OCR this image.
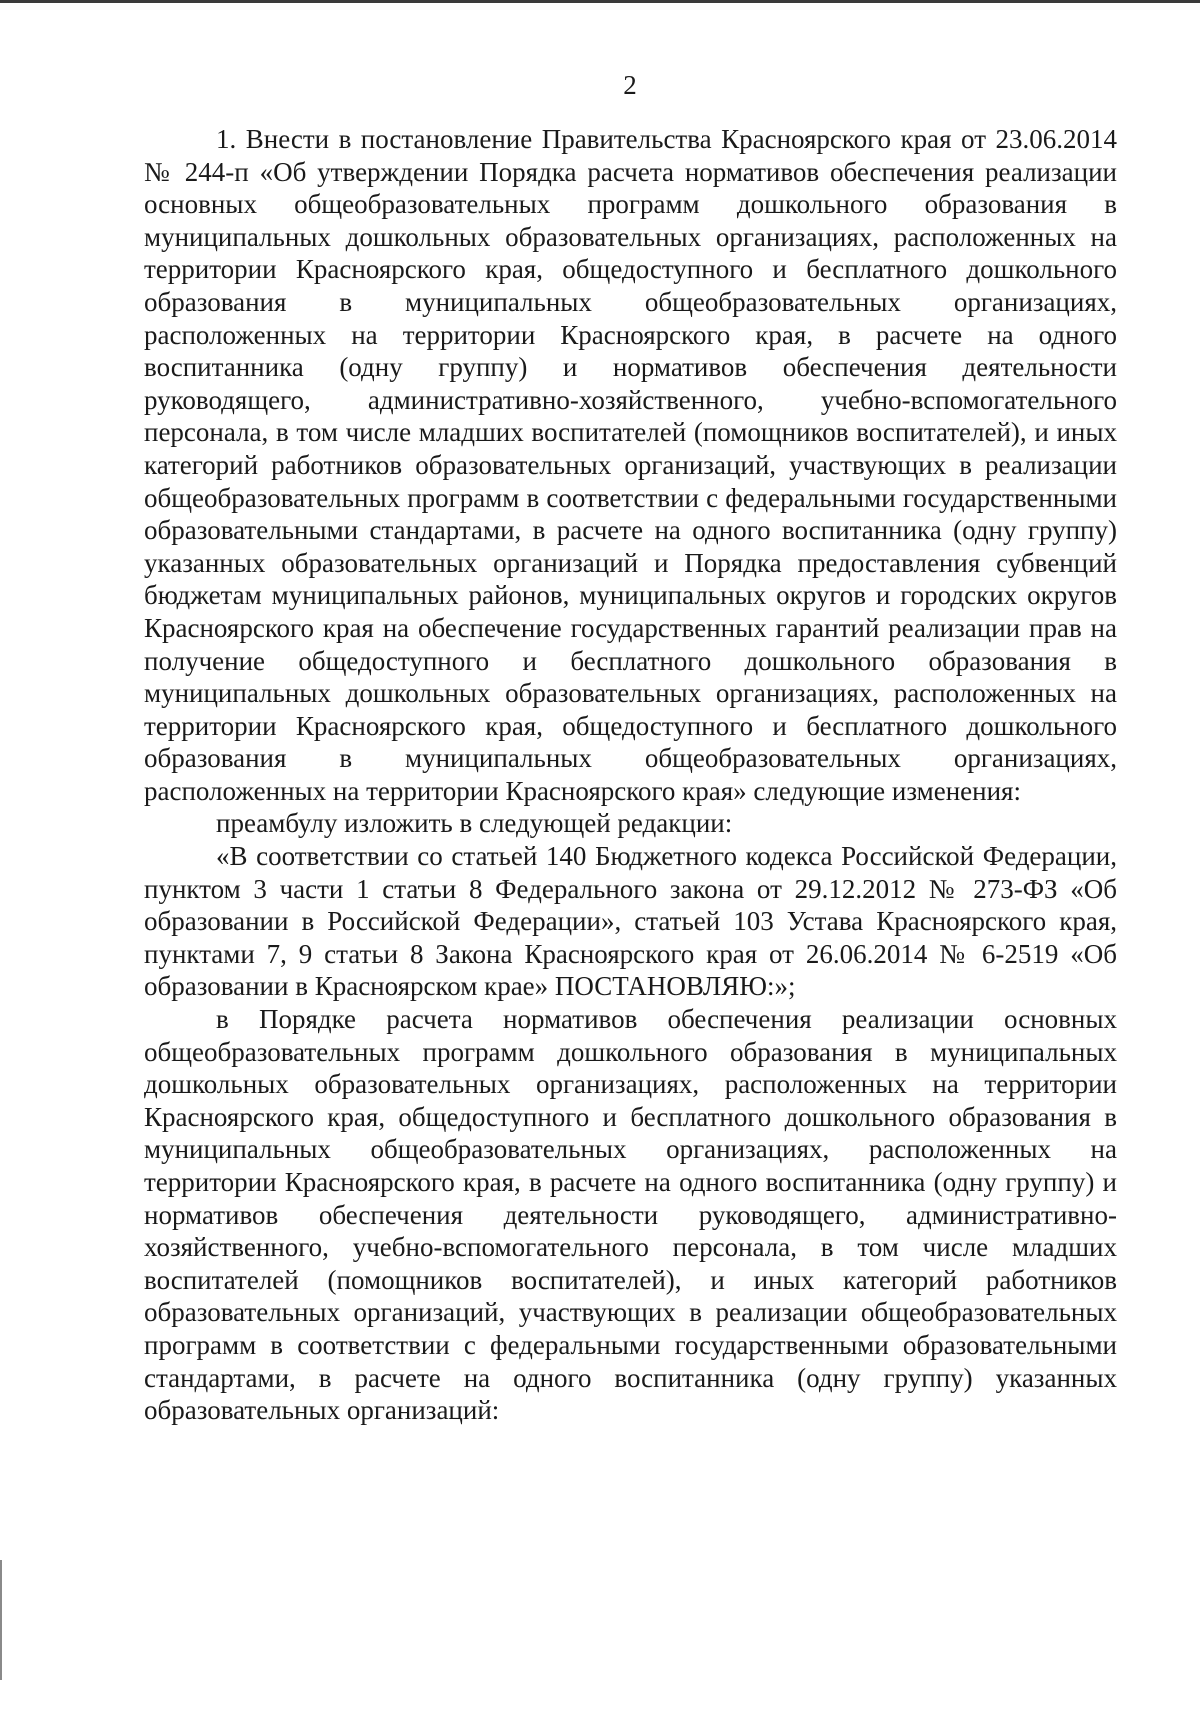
2

1. Внести в постановление Правительства Красноярского края от 23.06.2014 № 244-п «Об утверждении Порядка расчета нормативов обеспечения реализации основных общеобразовательных программ дошкольного образования в муниципальных дошкольных образовательных организациях, расположенных на территории Красноярского края, общедоступного и бесплатного дошкольного образования в муниципальных общеобразовательных организациях, расположенных на территории Красноярского края, в расчете на одного воспитанника (одну группу) и нормативов обеспечения деятельности руководящего, административно-хозяйственного, учебно-вспомогательного персонала, в том числе младших воспитателей (помощников воспитателей), и иных категорий работников образовательных организаций, участвующих в реализации общеобразовательных программ в соответствии с федеральными государственными образовательными стандартами, в расчете на одного воспитанника (одну группу) указанных образовательных организаций и Порядка предоставления субвенций бюджетам муниципальных районов, муниципальных округов и городских округов Красноярского края на обеспечение государственных гарантий реализации прав на получение общедоступного и бесплатного дошкольного образования в муниципальных дошкольных образовательных организациях, расположенных на территории Красноярского края, общедоступного и бесплатного дошкольного образования в муниципальных общеобразовательных организациях, расположенных на территории Красноярского края» следующие изменения:

преамбулу изложить в следующей редакции:

«В соответствии со статьей 140 Бюджетного кодекса Российской Федерации, пунктом 3 части 1 статьи 8 Федерального закона от 29.12.2012 № 273-ФЗ «Об образовании в Российской Федерации», статьей 103 Устава Красноярского края, пунктами 7, 9 статьи 8 Закона Красноярского края от 26.06.2014 № 6-2519 «Об образовании в Красноярском крае» ПОСТАНОВЛЯЮ:»;

в Порядке расчета нормативов обеспечения реализации основных общеобразовательных программ дошкольного образования в муниципальных дошкольных образовательных организациях, расположенных на территории Красноярского края, общедоступного и бесплатного дошкольного образования в муниципальных общеобразовательных организациях, расположенных на территории Красноярского края, в расчете на одного воспитанника (одну группу) и нормативов обеспечения деятельности руководящего, административно-хозяйственного, учебно-вспомогательного персонала, в том числе младших воспитателей (помощников воспитателей), и иных категорий работников образовательных организаций, участвующих в реализации общеобразовательных программ в соответствии с федеральными государственными образовательными стандартами, в расчете на одного воспитанника (одну группу) указанных образовательных организаций:
